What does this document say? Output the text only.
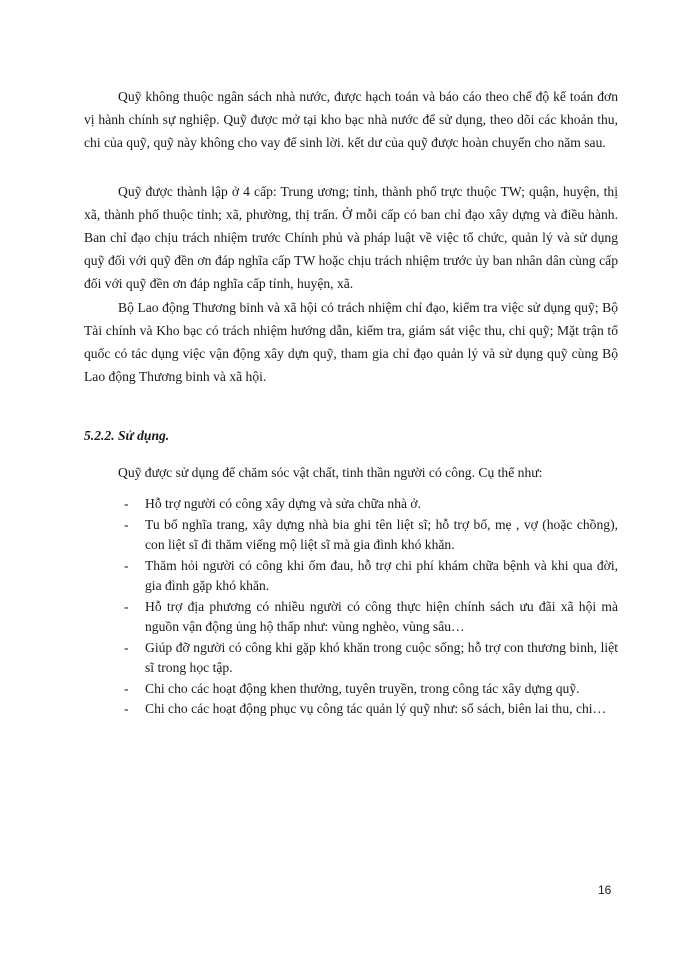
Quỹ không thuộc ngân sách nhà nước, được hạch toán và báo cáo theo chế độ kế toán đơn vị hành chính sự nghiệp. Quỹ được mở tại kho bạc nhà nước để sử dụng, theo dõi các khoản thu, chi của quỹ, quỹ này không cho vay để sinh lời. kết dư của quỹ được hoàn chuyển cho năm sau.

Quỹ được thành lập ở 4 cấp: Trung ương; tỉnh, thành phố trực thuộc TW; quận, huyện, thị xã, thành phố thuộc tỉnh; xã, phường, thị trấn. Ở mỗi cấp có ban chỉ đạo xây dựng và điều hành. Ban chỉ đạo chịu trách nhiệm trước Chính phủ và pháp luật về việc tổ chức, quản lý và sử dụng quỹ đối với quỹ đền ơn đáp nghĩa cấp TW hoặc chịu trách nhiệm trước ủy ban nhân dân cùng cấp đối với quỹ đền ơn đáp nghĩa cấp tỉnh, huyện, xã.

Bộ Lao động Thương binh và xã hội có trách nhiệm chỉ đạo, kiểm tra việc sử dụng quỹ; Bộ Tài chính và Kho bạc có trách nhiệm hướng dẫn, kiểm tra, giám sát việc thu, chi quỹ; Mặt trận tổ quốc có tác dụng việc vận động xây dựn quỹ, tham gia chỉ đạo quản lý và sử dụng quỹ cùng Bộ Lao động Thương binh và xã hội.

5.2.2. Sử dụng.

Quỹ được sử dụng để chăm sóc vật chất, tinh thần người có công. Cụ thể như:

- Hỗ trợ người có công xây dựng và sửa chữa nhà ở.
- Tu bổ nghĩa trang, xây dựng nhà bia ghi tên liệt sĩ; hỗ trợ bố, mẹ , vợ (hoặc chồng), con liệt sĩ đi thăm viếng mộ liệt sĩ mà gia đình khó khăn.
- Thăm hỏi người có công khi ốm đau, hỗ trợ chi phí khám chữa bệnh và khi qua đời, gia đình gặp khó khăn.
- Hỗ trợ địa phương có nhiều người có công thực hiện chính sách ưu đãi xã hội mà nguồn vận động ủng hộ thấp như: vùng nghèo, vùng sâu…
- Giúp đỡ người có công khi gặp khó khăn trong cuộc sống; hỗ trợ con thương binh, liệt sĩ trong học tập.
- Chi cho các hoạt động khen thưởng, tuyên truyền, trong công tác xây dựng quỹ.
- Chi cho các hoạt động phục vụ công tác quản lý quỹ như: sổ sách, biên lai thu, chi…

16
